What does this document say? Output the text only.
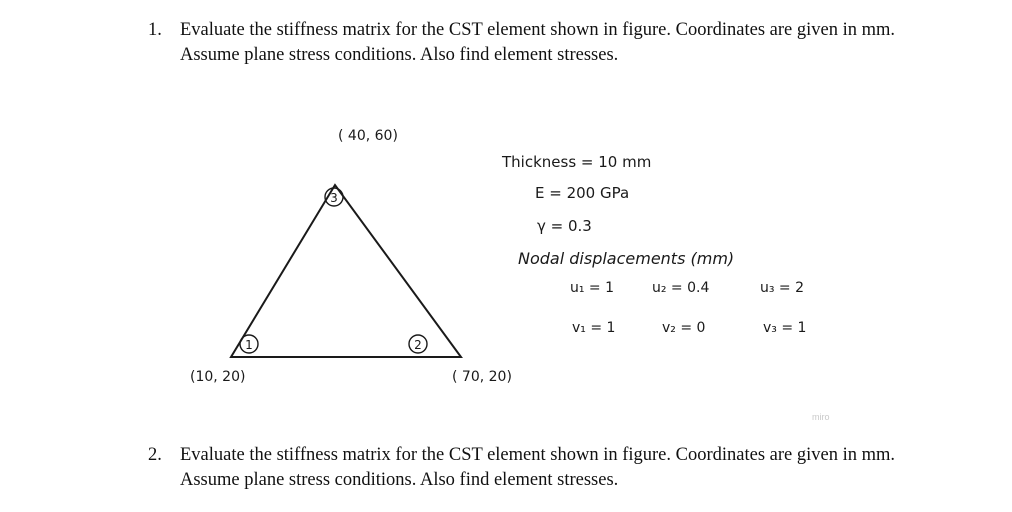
1. Evaluate the stiffness matrix for the CST element shown in figure. Coordinates are given in mm. Assume plane stress conditions. Also find element stresses.
3
1	2
( 40, 60)
(10, 20)	( 70, 20)
Thickness = 10 mm
E = 200 GPa
γ = 0.3
Nodal displacements (mm)
u₁ = 1	u₂ = 0.4	u₃ = 2
v₁ = 1	v₂ = 0	v₃ = 1
miro
2. Evaluate the stiffness matrix for the CST element shown in figure. Coordinates are given in mm. Assume plane stress conditions. Also find element stresses.
